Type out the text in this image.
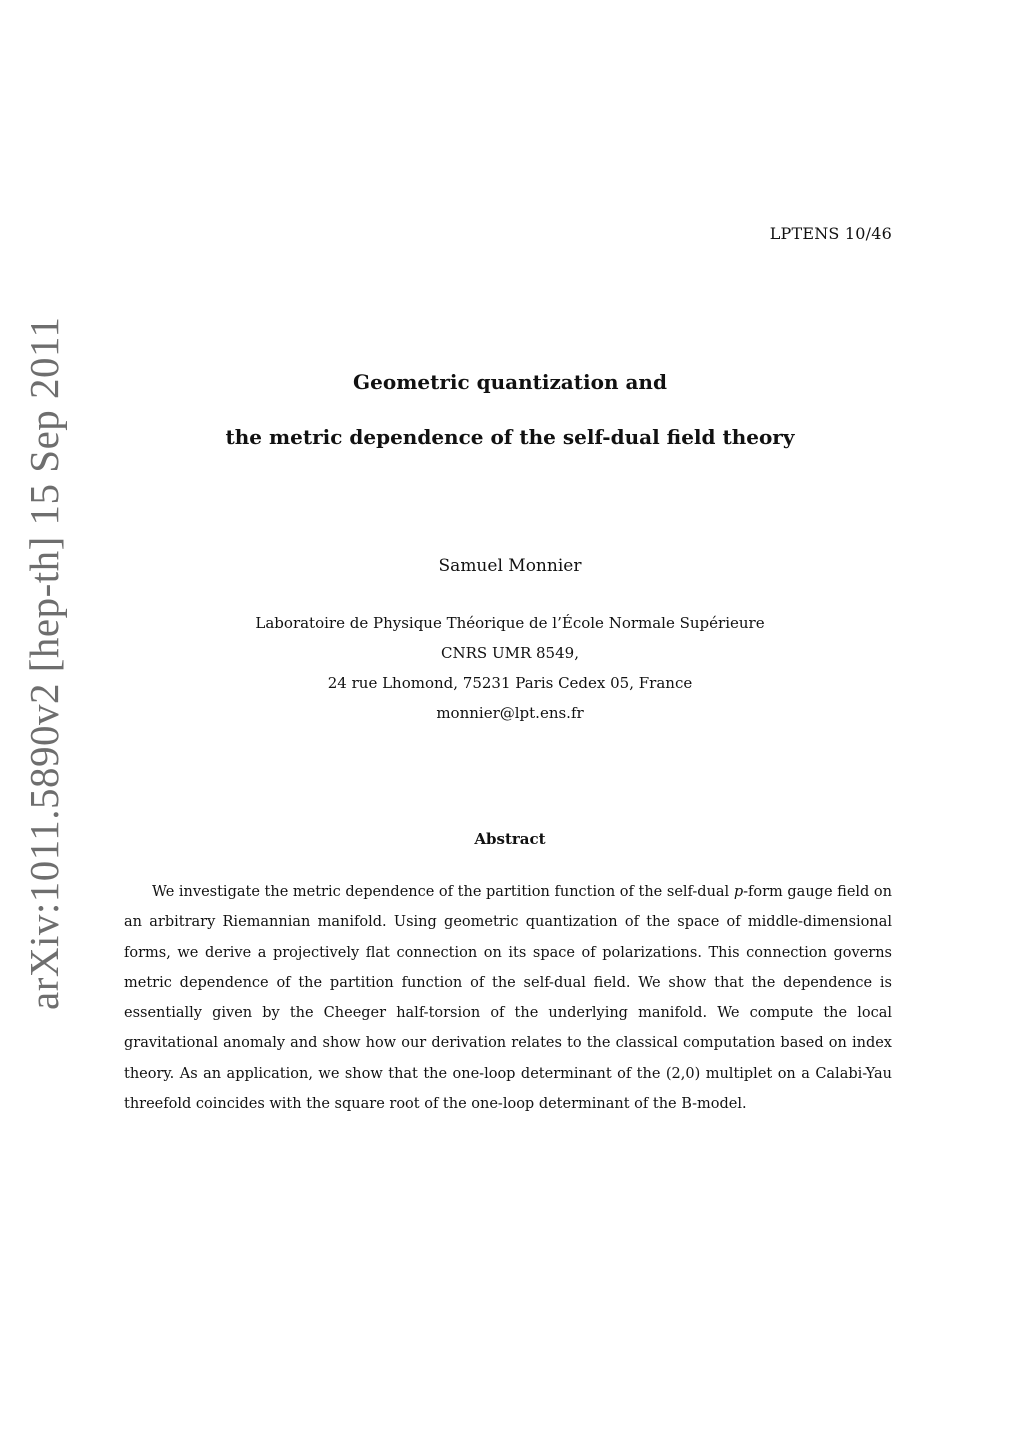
LPTENS 10/46
arXiv:1011.5890v2 [hep-th] 15 Sep 2011	Geometric quantization and
the metric dependence of the self-dual field theory
Samuel Monnier
Laboratoire de Physique Théorique de l’École Normale Supérieure
CNRS UMR 8549,
24 rue Lhomond, 75231 Paris Cedex 05, France
monnier@lpt.ens.fr
Abstract
We investigate the metric dependence of the partition function of the self-dual p-form gauge field on an arbitrary Riemannian manifold. Using geometric quantization of the space of middle-dimensional forms, we derive a projectively flat connection on its space of polarizations. This connection governs metric dependence of the partition function of the self-dual field. We show that the dependence is essentially given by the Cheeger half-torsion of the underlying manifold. We compute the local gravitational anomaly and show how our derivation relates to the classical computation based on index theory. As an application, we show that the one-loop determinant of the (2,0) multiplet on a Calabi-Yau threefold coincides with the square root of the one-loop determinant of the B-model.
